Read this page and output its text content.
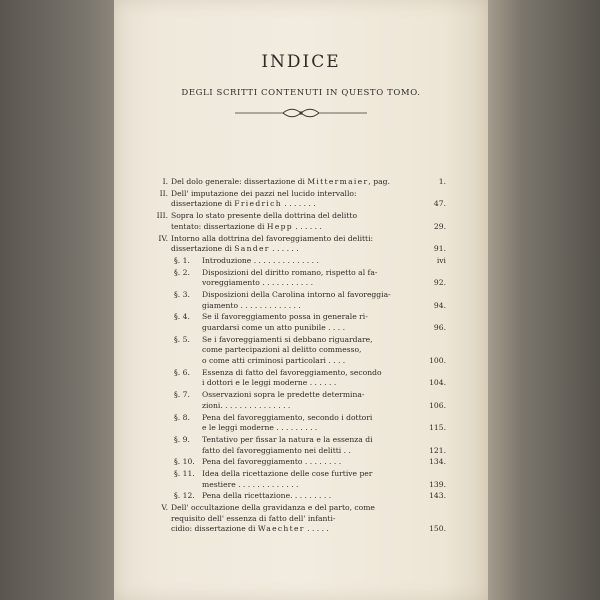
INDICE
DEGLI SCRITTI CONTENUTI IN QUESTO TOMO.
I. Del dolo generale: dissertazione di Mittermaier, pag.	1.
II. Dell' imputazione dei pazzi nel lucido intervallo:
dissertazione di Friedrich . . . . . . .	47.
III. Sopra lo stato presente della dottrina del delitto
tentato: dissertazione di Hepp . . . . . .	29.
IV. Intorno alla dottrina del favoreggiamento dei delitti:
dissertazione di Sander . . . . . .	91.
§. 1. Introduzione . . . . . . . . . . . . . .	ivi
§. 2. Disposizioni del diritto romano, rispetto al fa-
voreggiamento . . . . . . . . . . .	92.
§. 3. Disposizioni della Carolina intorno al favoreggia-
giamento . . . . . . . . . . . . .	94.
§. 4. Se il favoreggiamento possa in generale ri-
guardarsi come un atto punibile . . . .	96.
§. 5. Se i favoreggiamenti si debbano riguardare,
come partecipazioni al delitto commesso,
o come atti criminosi particolari . . . .	100.
§. 6. Essenza di fatto del favoreggiamento, secondo
i dottori e le leggi moderne . . . . . .	104.
§. 7. Osservazioni sopra le predette determina-
zioni. . . . . . . . . . . . . . .	106.
§. 8. Pena del favoreggiamento, secondo i dottori
e le leggi moderne . . . . . . . . .	115.
§. 9. Tentativo per fissar la natura e la essenza di
fatto del favoreggiamento nei delitti . .	121.
§. 10. Pena del favoreggiamento . . . . . . . .	134.
§. 11. Idea della ricettazione delle cose furtive per
mestiere . . . . . . . . . . . . .	139.
§. 12. Pena della ricettazione. . . . . . . . .	143.
V. Dell' occultazione della gravidanza e del parto, come
requisito dell' essenza di fatto dell' infanti-
cidio: dissertazione di Waechter . . . . .	150.
